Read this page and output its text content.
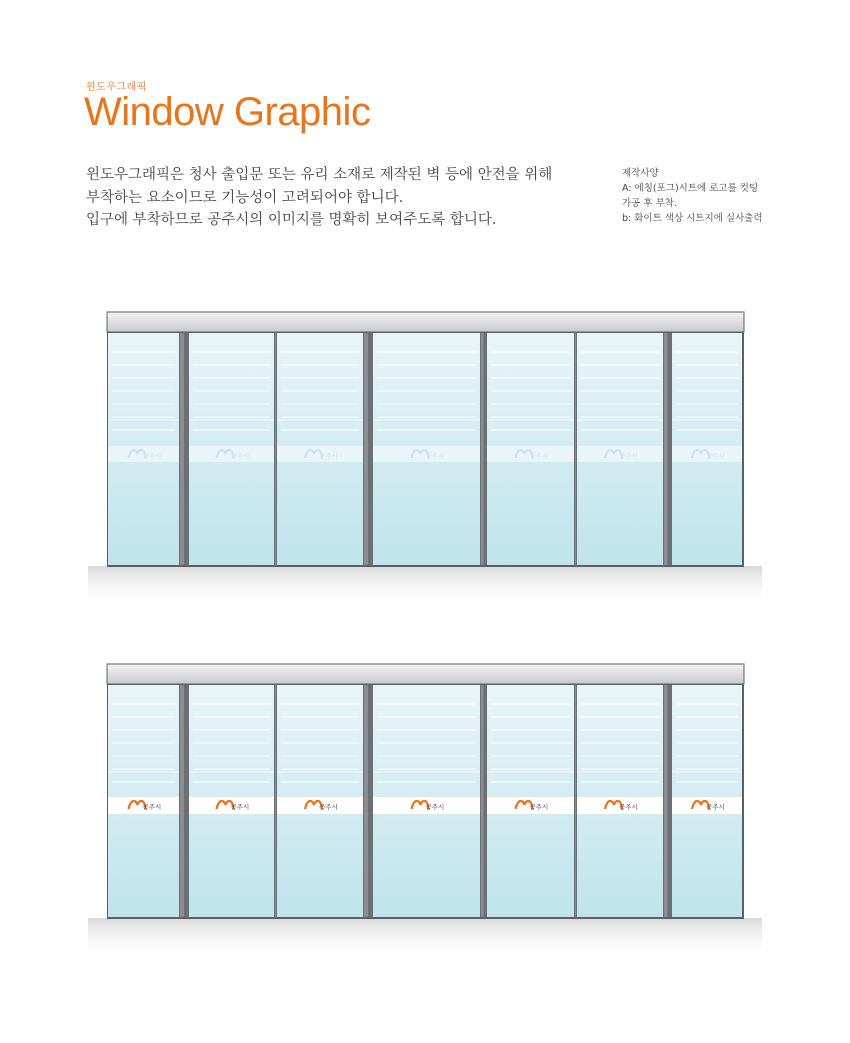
윈도우그래픽
Window Graphic
윈도우그래픽은 청사 출입문 또는 유리 소재로 제작된 벽 등에 안전을 위해
부착하는 요소이므로 기능성이 고려되어야 합니다.
입구에 부착하므로 공주시의 이미지를 명확히 보여주도록 합니다.
제작사양
A: 에칭(포그)시트에 로고를 컷팅
가공 후 부착.
b: 화이트 색상 시트지에 실사출력
공주시	공주시	공주시	공주시	공주시	공주시	공주시
공주시	공주시	공주시	공주시	공주시	공주시	공주시
